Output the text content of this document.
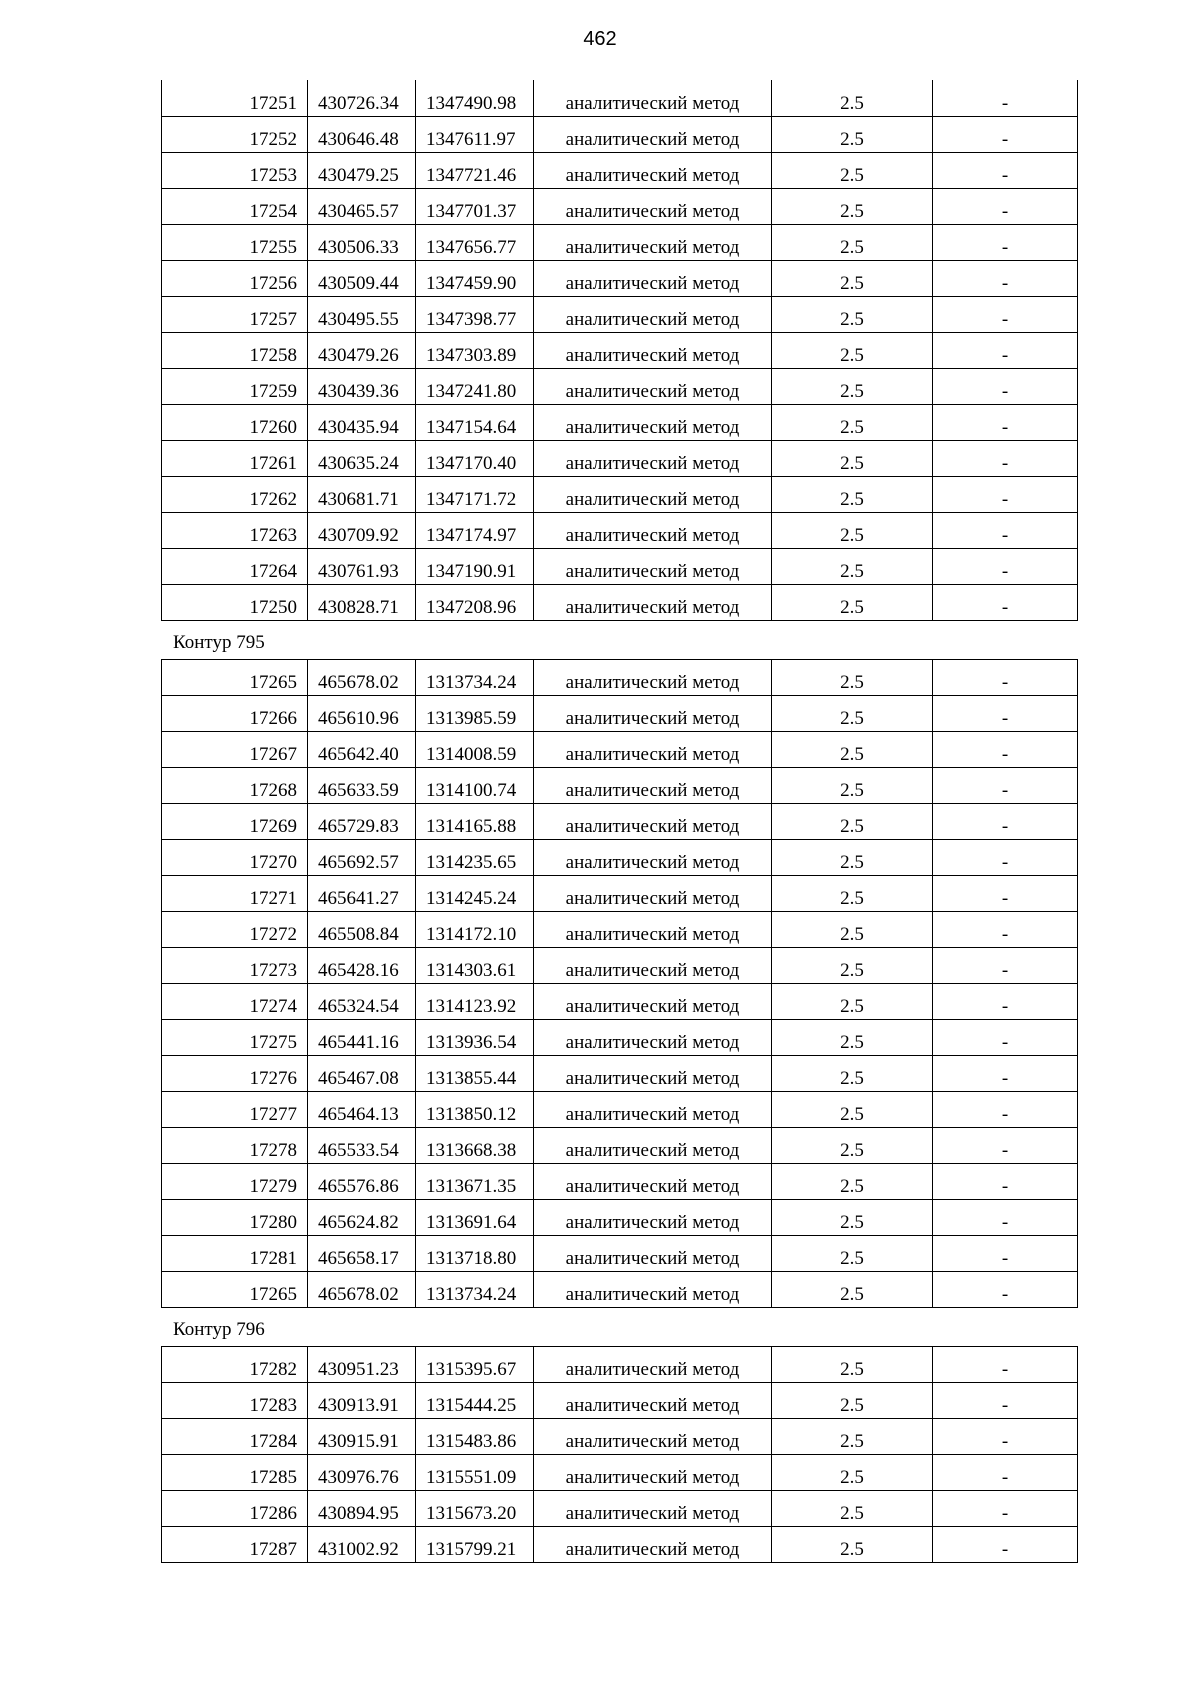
462
17251	430726.34	1347490.98	аналитический метод	2.5	-
17252	430646.48	1347611.97	аналитический метод	2.5	-
17253	430479.25	1347721.46	аналитический метод	2.5	-
17254	430465.57	1347701.37	аналитический метод	2.5	-
17255	430506.33	1347656.77	аналитический метод	2.5	-
17256	430509.44	1347459.90	аналитический метод	2.5	-
17257	430495.55	1347398.77	аналитический метод	2.5	-
17258	430479.26	1347303.89	аналитический метод	2.5	-
17259	430439.36	1347241.80	аналитический метод	2.5	-
17260	430435.94	1347154.64	аналитический метод	2.5	-
17261	430635.24	1347170.40	аналитический метод	2.5	-
17262	430681.71	1347171.72	аналитический метод	2.5	-
17263	430709.92	1347174.97	аналитический метод	2.5	-
17264	430761.93	1347190.91	аналитический метод	2.5	-
17250	430828.71	1347208.96	аналитический метод	2.5	-
Контур 795
17265	465678.02	1313734.24	аналитический метод	2.5	-
17266	465610.96	1313985.59	аналитический метод	2.5	-
17267	465642.40	1314008.59	аналитический метод	2.5	-
17268	465633.59	1314100.74	аналитический метод	2.5	-
17269	465729.83	1314165.88	аналитический метод	2.5	-
17270	465692.57	1314235.65	аналитический метод	2.5	-
17271	465641.27	1314245.24	аналитический метод	2.5	-
17272	465508.84	1314172.10	аналитический метод	2.5	-
17273	465428.16	1314303.61	аналитический метод	2.5	-
17274	465324.54	1314123.92	аналитический метод	2.5	-
17275	465441.16	1313936.54	аналитический метод	2.5	-
17276	465467.08	1313855.44	аналитический метод	2.5	-
17277	465464.13	1313850.12	аналитический метод	2.5	-
17278	465533.54	1313668.38	аналитический метод	2.5	-
17279	465576.86	1313671.35	аналитический метод	2.5	-
17280	465624.82	1313691.64	аналитический метод	2.5	-
17281	465658.17	1313718.80	аналитический метод	2.5	-
17265	465678.02	1313734.24	аналитический метод	2.5	-
Контур 796
17282	430951.23	1315395.67	аналитический метод	2.5	-
17283	430913.91	1315444.25	аналитический метод	2.5	-
17284	430915.91	1315483.86	аналитический метод	2.5	-
17285	430976.76	1315551.09	аналитический метод	2.5	-
17286	430894.95	1315673.20	аналитический метод	2.5	-
17287	431002.92	1315799.21	аналитический метод	2.5	-
